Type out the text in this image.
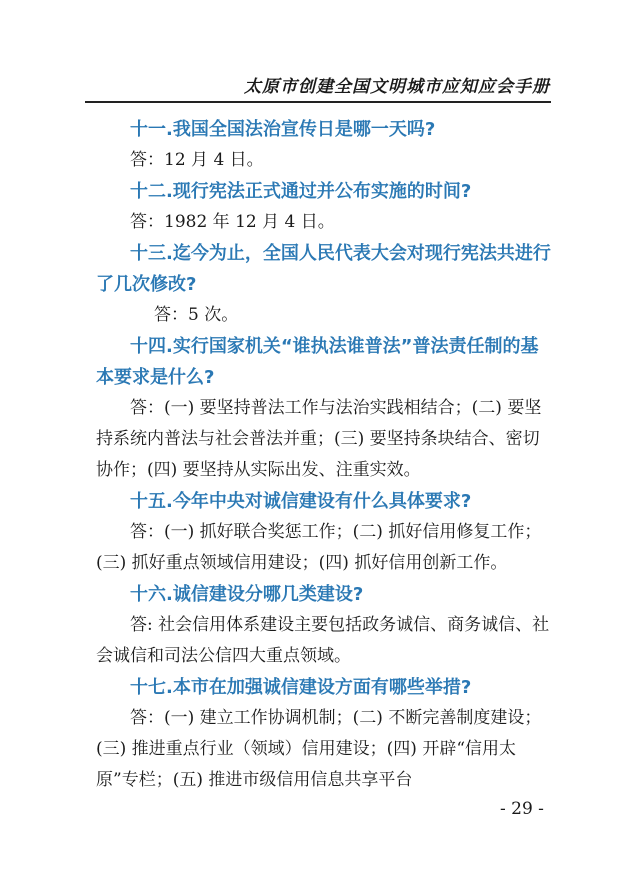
太原市创建全国文明城市应知应会手册

十一.我国全国法治宣传日是哪一天吗?

答：12 月 4 日。

十二.现行宪法正式通过并公布实施的时间?

答：1982 年 12 月 4 日。

十三.迄今为止，全国人民代表大会对现行宪法共进行了几次修改?

答：5 次。

十四.实行国家机关“谁执法谁普法”普法责任制的基本要求是什么?

答：(一) 要坚持普法工作与法治实践相结合；(二) 要坚持系统内普法与社会普法并重；(三) 要坚持条块结合、密切协作；(四) 要坚持从实际出发、注重实效。

十五.今年中央对诚信建设有什么具体要求?

答：(一) 抓好联合奖惩工作；(二) 抓好信用修复工作；(三) 抓好重点领域信用建设；(四) 抓好信用创新工作。

十六.诚信建设分哪几类建设?

答: 社会信用体系建设主要包括政务诚信、商务诚信、社会诚信和司法公信四大重点领域。

十七.本市在加强诚信建设方面有哪些举措?

答：(一) 建立工作协调机制；(二) 不断完善制度建设；(三) 推进重点行业（领域）信用建设；(四) 开辟“信用太原”专栏；(五) 推进市级信用信息共享平台

- 29 -
